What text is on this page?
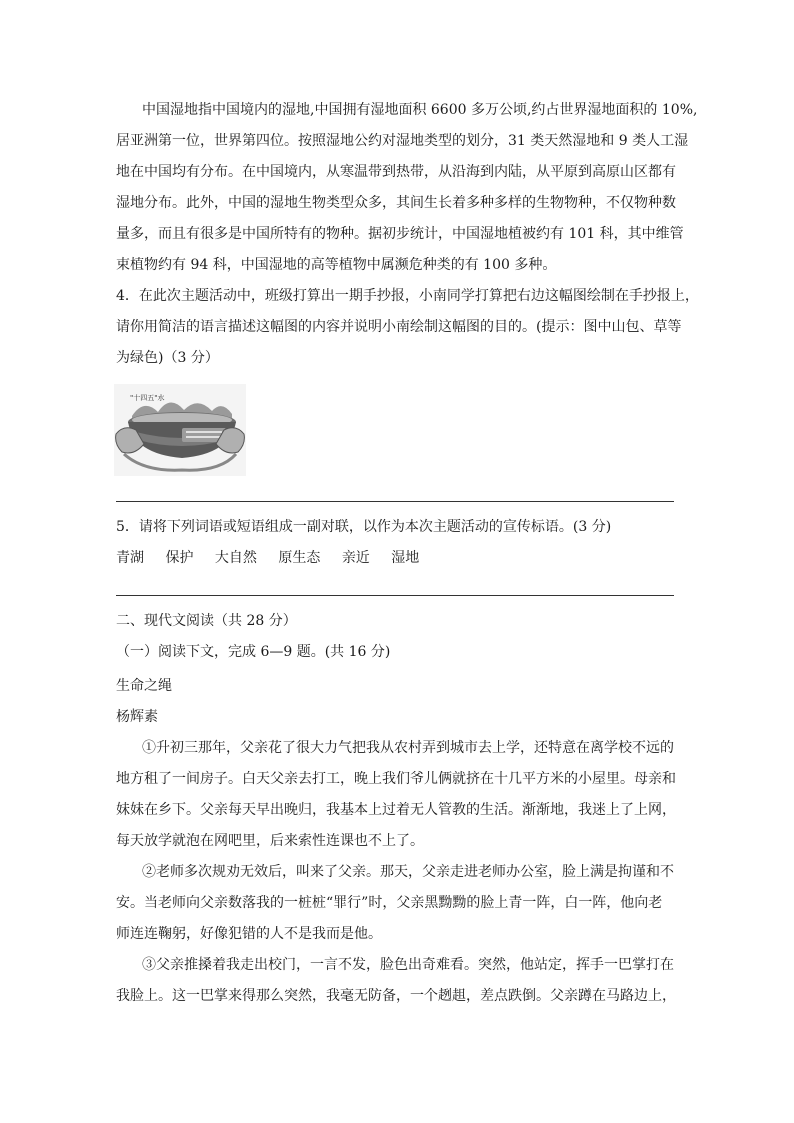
中国湿地指中国境内的湿地,中国拥有湿地面积 6600 多万公顷,约占世界湿地面积的 10%,
居亚洲第一位，世界第四位。按照湿地公约对湿地类型的划分，31 类天然湿地和 9 类人工湿
地在中国均有分布。在中国境内，从寒温带到热带，从沿海到内陆，从平原到高原山区都有
湿地分布。此外，中国的湿地生物类型众多，其间生长着多种多样的生物物种，不仅物种数
量多，而且有很多是中国所特有的物种。据初步统计，中国湿地植被约有 101 科，其中维管
束植物约有 94 科，中国湿地的高等植物中属濒危种类的有 100 多种。
4．在此次主题活动中，班级打算出一期手抄报，小南同学打算把右边这幅图绘制在手抄报上，
请你用简洁的语言描述这幅图的内容并说明小南绘制这幅图的目的。(提示：图中山包、草等
为绿色)（3 分）
"十四五"水
5．请将下列词语或短语组成一副对联，以作为本次主题活动的宣传标语。(3 分)
青湖 保护 大自然 原生态 亲近 湿地
二、现代文阅读（共 28 分）
（一）阅读下文，完成 6—9 题。(共 16 分)
生命之绳
杨辉素
①升初三那年，父亲花了很大力气把我从农村弄到城市去上学，还特意在离学校不远的
地方租了一间房子。白天父亲去打工，晚上我们爷儿俩就挤在十几平方米的小屋里。母亲和
妹妹在乡下。父亲每天早出晚归，我基本上过着无人管教的生活。渐渐地，我迷上了上网，
每天放学就泡在网吧里，后来索性连课也不上了。
②老师多次规劝无效后，叫来了父亲。那天，父亲走进老师办公室，脸上满是拘谨和不
安。当老师向父亲数落我的一桩桩“罪行”时，父亲黑黝黝的脸上青一阵，白一阵，他向老
师连连鞠躬，好像犯错的人不是我而是他。
③父亲推搡着我走出校门，一言不发，脸色出奇难看。突然，他站定，挥手一巴掌打在
我脸上。这一巴掌来得那么突然，我毫无防备，一个趔趄，差点跌倒。父亲蹲在马路边上，
